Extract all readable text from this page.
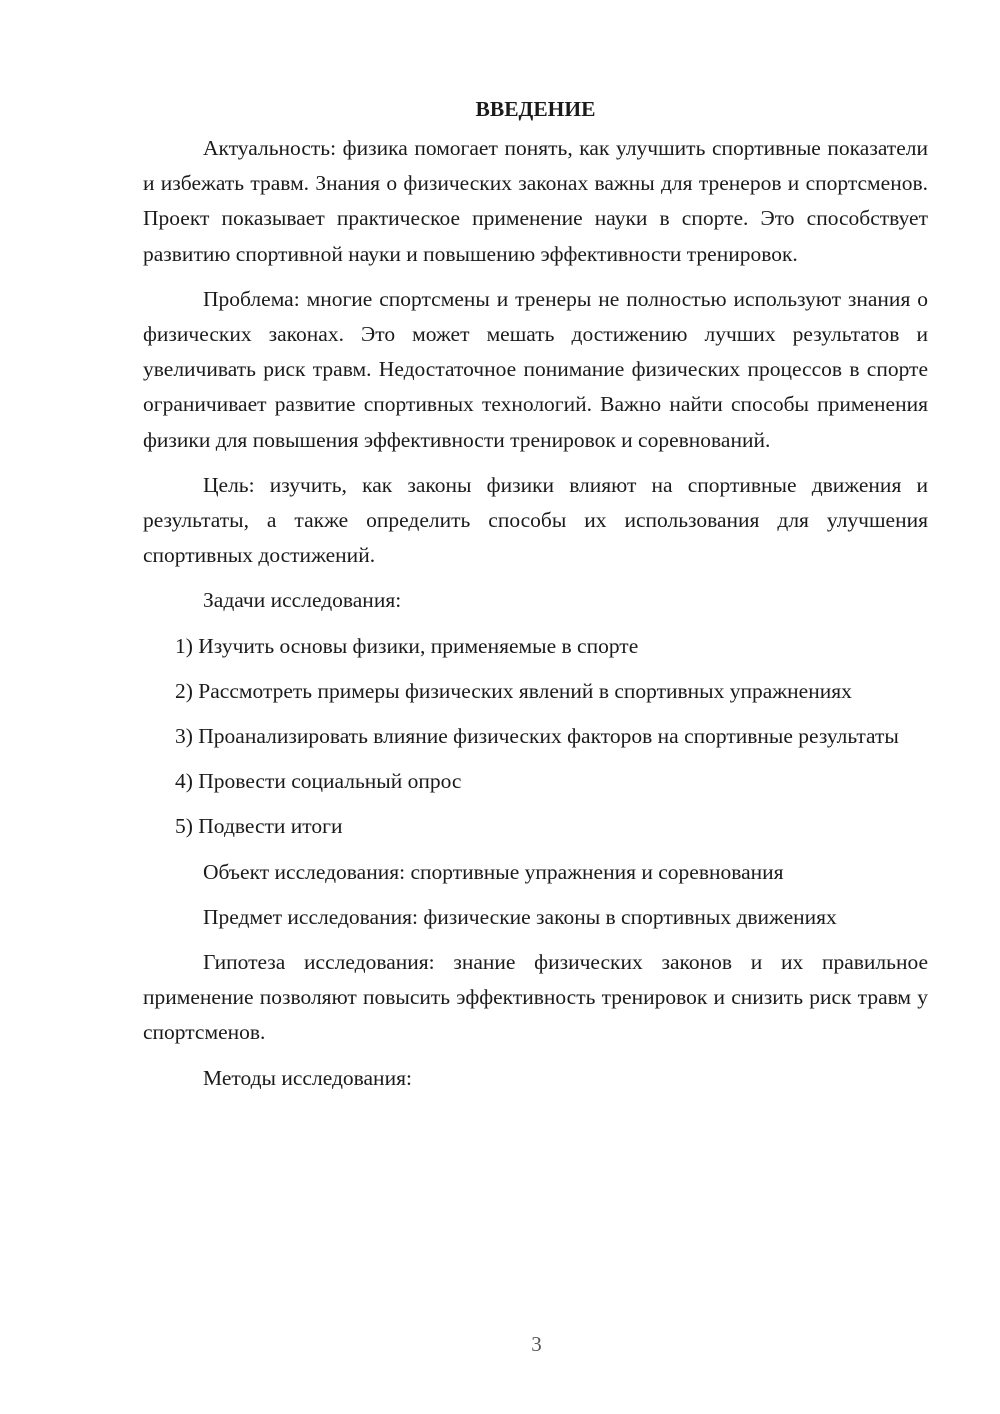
ВВЕДЕНИЕ

Актуальность: физика помогает понять, как улучшить спортивные показатели и избежать травм. Знания о физических законах важны для тренеров и спортсменов. Проект показывает практическое применение науки в спорте. Это способствует развитию спортивной науки и повышению эффективности тренировок.

Проблема: многие спортсмены и тренеры не полностью используют знания о физических законах. Это может мешать достижению лучших результатов и увеличивать риск травм. Недостаточное понимание физических процессов в спорте ограничивает развитие спортивных технологий. Важно найти способы применения физики для повышения эффективности тренировок и соревнований.

Цель: изучить, как законы физики влияют на спортивные движения и результаты, а также определить способы их использования для улучшения спортивных достижений.

Задачи исследования:

1) Изучить основы физики, применяемые в спорте

2) Рассмотреть примеры физических явлений в спортивных упражнениях

3) Проанализировать влияние физических факторов на спортивные результаты

4) Провести социальный опрос

5) Подвести итоги

Объект исследования: спортивные упражнения и соревнования

Предмет исследования: физические законы в спортивных движениях

Гипотеза исследования: знание физических законов и их правильное применение позволяют повысить эффективность тренировок и снизить риск травм у спортсменов.

Методы исследования:

3
